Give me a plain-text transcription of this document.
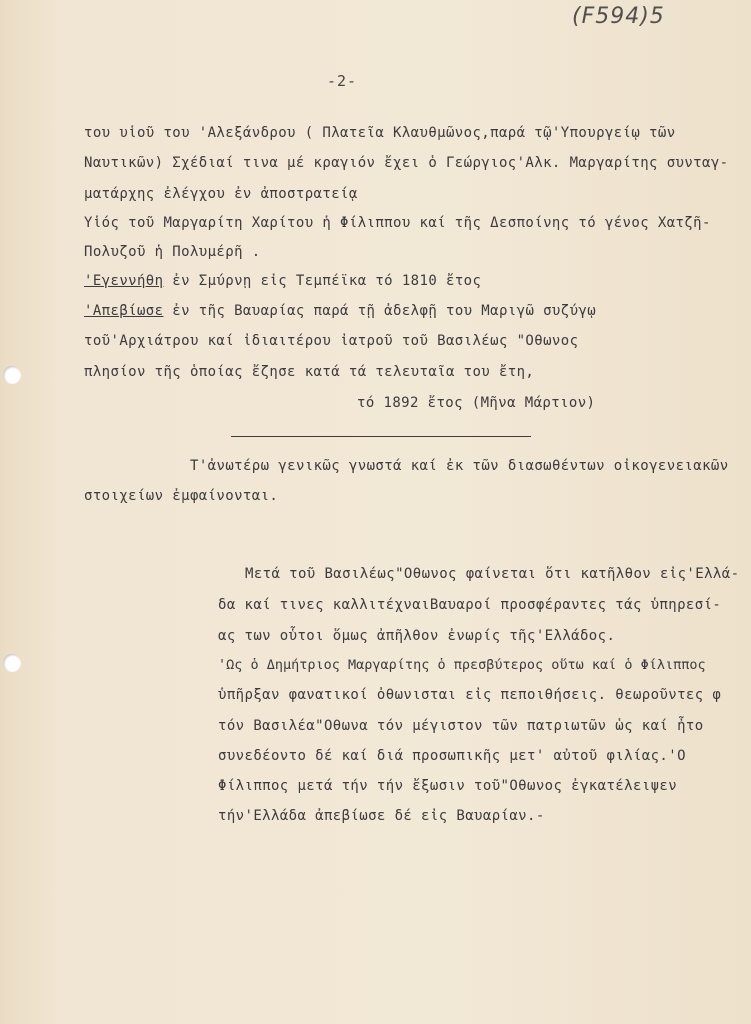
(F594)5
-2-
του υἱοῦ του 'Αλεξάνδρου ( Πλατεῖα Κλαυθμῶνος,παρά τῷ'Υπουργείῳ τῶν
Ναυτικῶν) Σχέδιαί τινα μέ κραγιόν ἔχει ὁ Γεώργιος'Αλκ. Μαργαρίτης συνταγ-
ματάρχης ἐλέγχου ἐν ἀποστρατείᾳ
Υἱός τοῦ Μαργαρίτη Χαρίτου ἡ Φίλιππου καί τῆς Δεσποίνης τό γένος Χατζῆ-
Πολυζοῦ ἡ Πολυμέρῆ .
'Εγεννήθη ἐν Σμύρνῃ εἰς Τεμπέϊκα τό 1810 ἔτος
'Απεβίωσε ἐν τῆς Βαυαρίας παρά τῇ ἀδελφῇ του Μαριγῶ συζύγῳ
τοῦ'Αρχιάτρου καί ἰδιαιτέρου ἰατροῦ τοῦ Βασιλέως "Οθωνος
πλησίον τῆς ὁποίας ἔζησε κατά τά τελευταῖα του ἔτη,
τό 1892 ἔτος (Μῆνα Μάρτιον)
Τ'ἀνωτέρω γενικῶς γνωστά καί ἐκ τῶν διασωθέντων οἰκογενειακῶν
στοιχείων ἐμφαίνονται.
Μετά τοῦ Βασιλέως"Οθωνος φαίνεται ὅτι κατῆλθον εἰς'Ελλά-
δα καί τινες καλλιτέχναιΒαυαροί προσφέραντες τάς ὑπηρεσί-
ας των οὗτοι ὅμως ἀπῆλθον ἐνωρίς τῆς'Ελλάδος.
'Ως ὁ Δημήτριος Μαργαρίτης ὁ πρεσβύτερος οὕτω καί ὁ Φίλιππος
ὑπῆρξαν φανατικοί ὀθωνισται εἰς πεποιθήσεις. θεωροῦντες φ
τόν Βασιλέα"Οθωνα τόν μέγιστον τῶν πατριωτῶν ὡς καί ἦτο
συνεδέοντο δέ καί διά προσωπικῆς μετ' αὐτοῦ φιλίας.'Ο
Φίλιππος μετά τήν τήν ἔξωσιν τοῦ"Οθωνος ἐγκατέλειψεν
τήν'Ελλάδα ἀπεβίωσε δέ εἰς Βαυαρίαν.-
